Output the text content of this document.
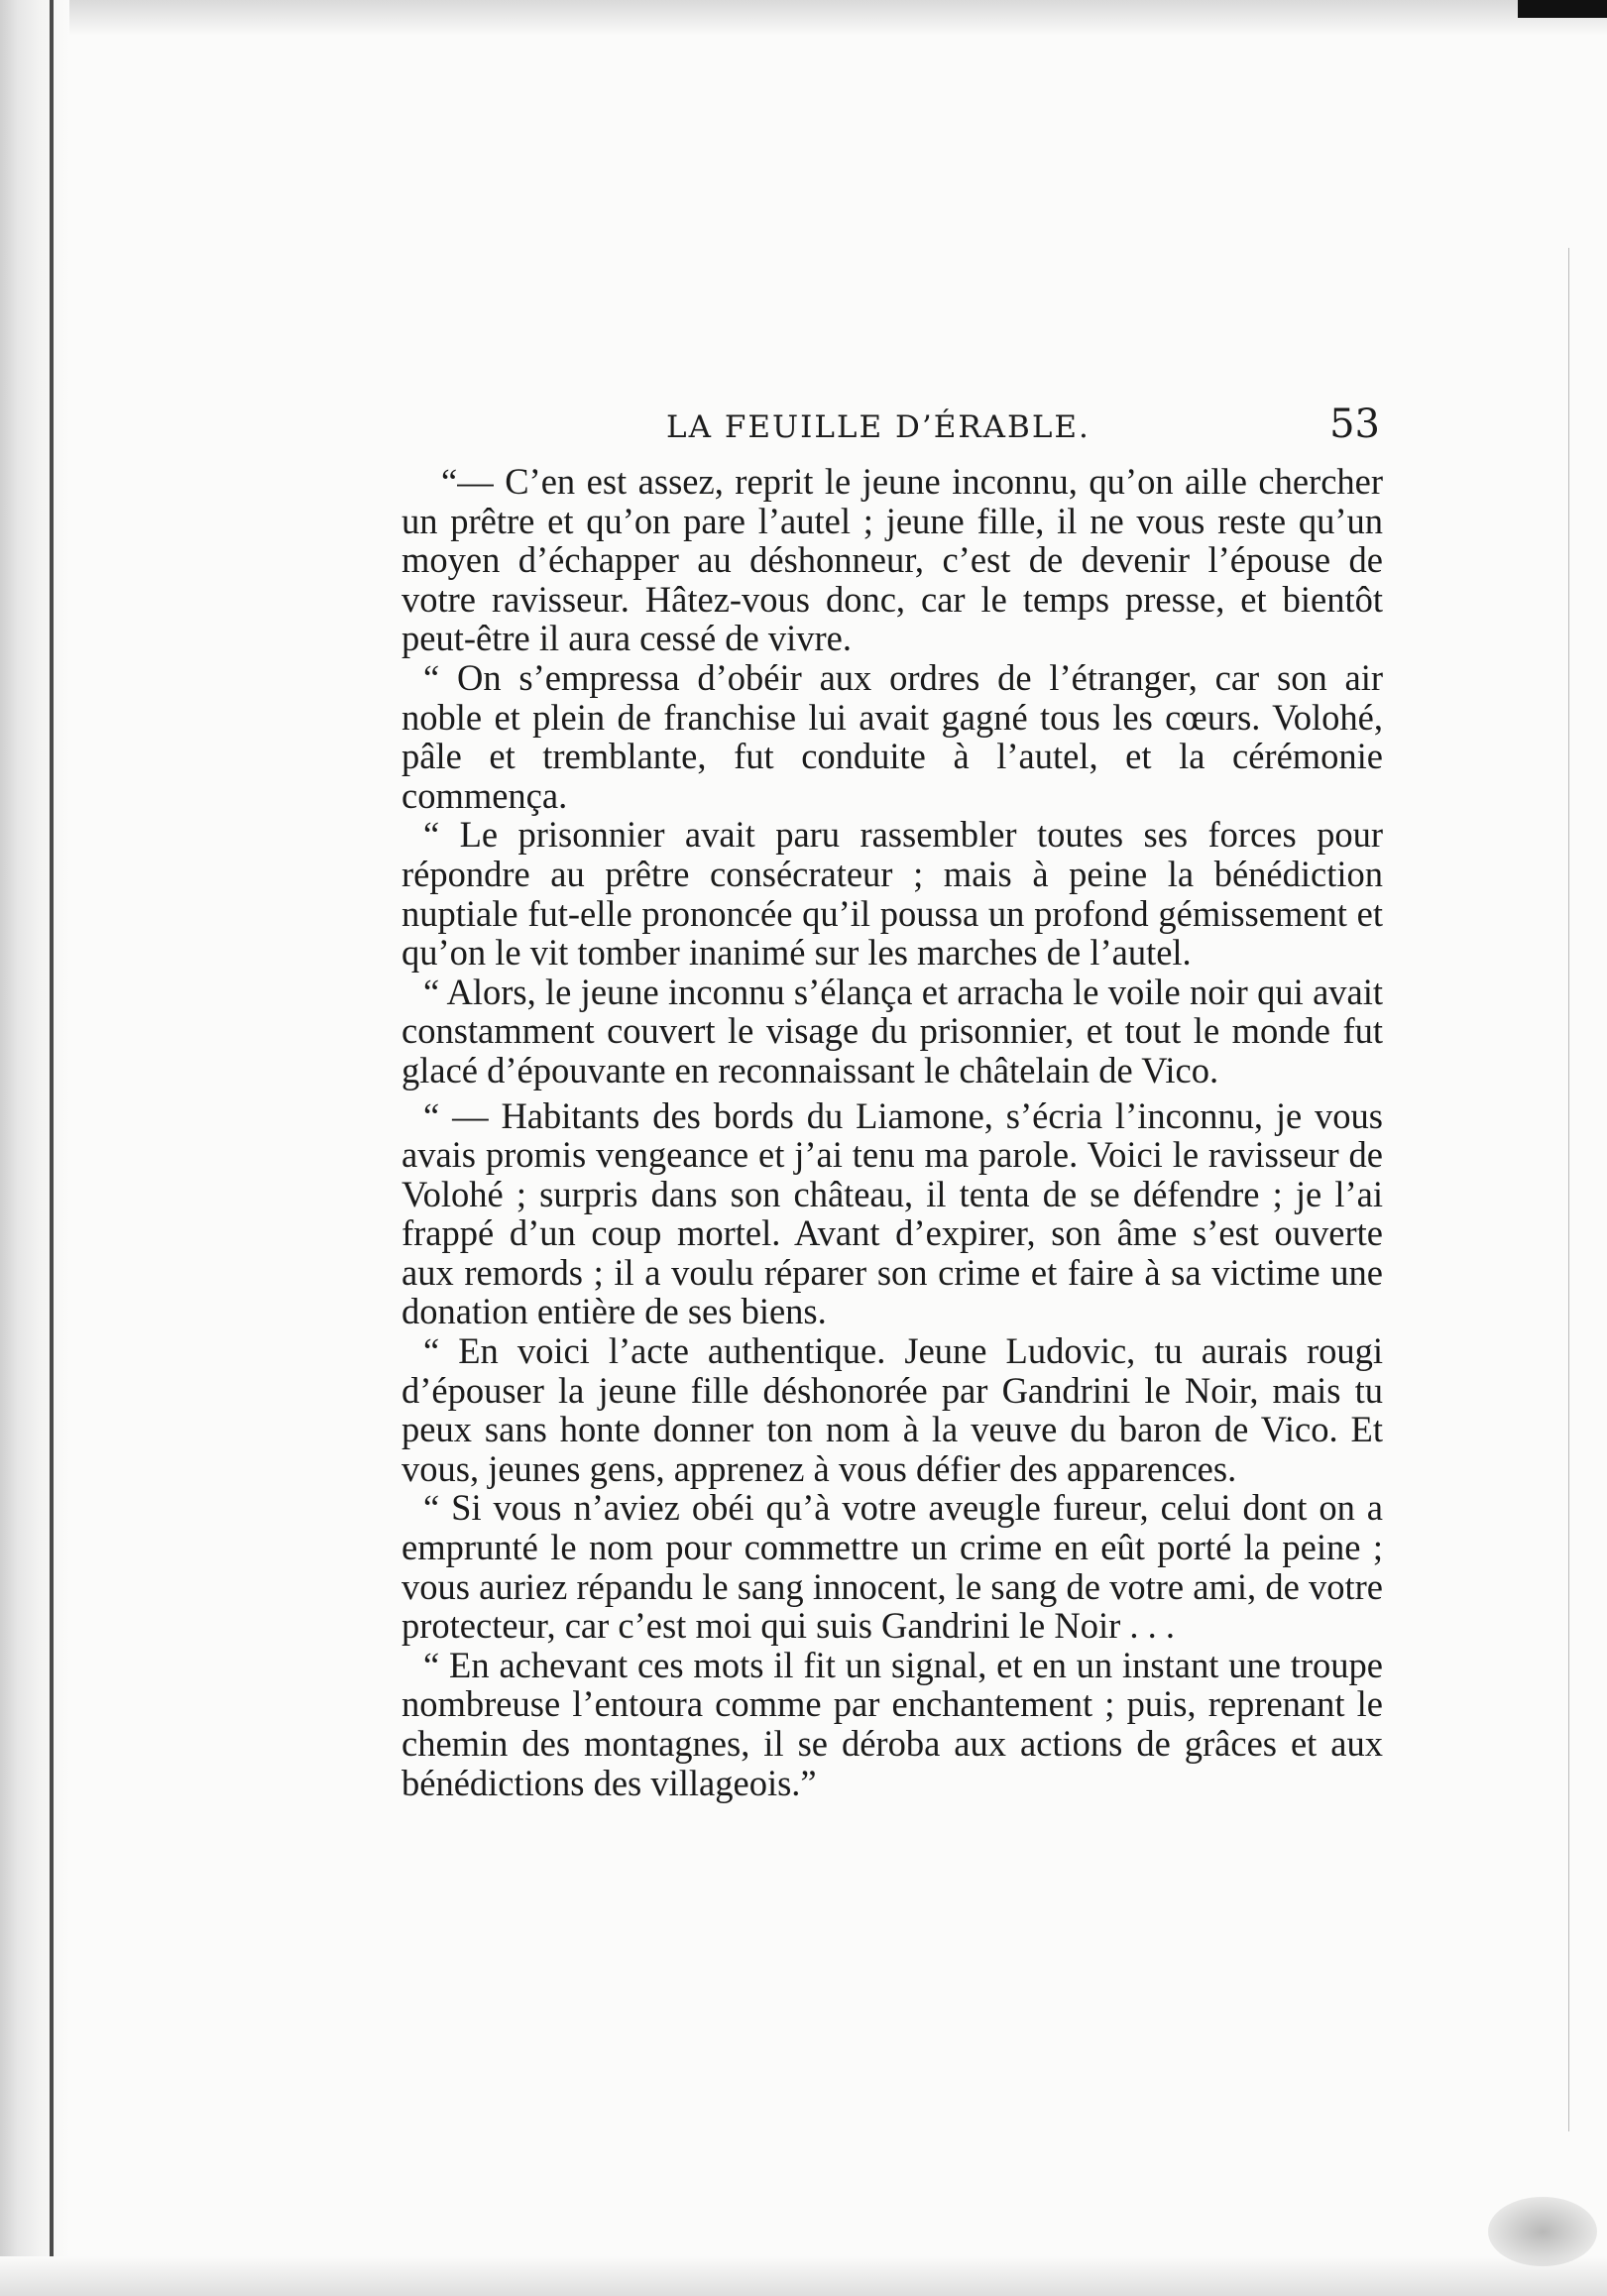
LA FEUILLE D’ÉRABLE.	53

“— C’en est assez, reprit le jeune inconnu, qu’on aille chercher un prêtre et qu’on pare l’autel ; jeune fille, il ne vous reste qu’un moyen d’échapper au déshonneur, c’est de devenir l’épouse de votre ravisseur. Hâtez-vous donc, car le temps presse, et bientôt peut-être il aura cessé de vivre.

“ On s’empressa d’obéir aux ordres de l’étranger, car son air noble et plein de franchise lui avait gagné tous les cœurs. Volohé, pâle et tremblante, fut conduite à l’autel, et la cérémonie commença.

“ Le prisonnier avait paru rassembler toutes ses forces pour répondre au prêtre consécrateur ; mais à peine la bénédiction nuptiale fut-elle prononcée qu’il poussa un profond gémissement et qu’on le vit tomber inanimé sur les marches de l’autel.

“ Alors, le jeune inconnu s’élança et arracha le voile noir qui avait constamment couvert le visage du prisonnier, et tout le monde fut glacé d’épouvante en reconnaissant le châtelain de Vico.

“ — Habitants des bords du Liamone, s’écria l’inconnu, je vous avais promis vengeance et j’ai tenu ma parole. Voici le ravisseur de Volohé ; surpris dans son château, il tenta de se défendre ; je l’ai frappé d’un coup mortel. Avant d’expirer, son âme s’est ouverte aux remords ; il a voulu réparer son crime et faire à sa victime une donation entière de ses biens.

“ En voici l’acte authentique. Jeune Ludovic, tu aurais rougi d’épouser la jeune fille déshonorée par Gandrini le Noir, mais tu peux sans honte donner ton nom à la veuve du baron de Vico. Et vous, jeunes gens, apprenez à vous défier des apparences.

“ Si vous n’aviez obéi qu’à votre aveugle fureur, celui dont on a emprunté le nom pour commettre un crime en eût porté la peine ; vous auriez répandu le sang innocent, le sang de votre ami, de votre protecteur, car c’est moi qui suis Gandrini le Noir . . .

“ En achevant ces mots il fit un signal, et en un instant une troupe nombreuse l’entoura comme par enchantement ; puis, reprenant le chemin des montagnes, il se déroba aux actions de grâces et aux bénédictions des villageois.”
